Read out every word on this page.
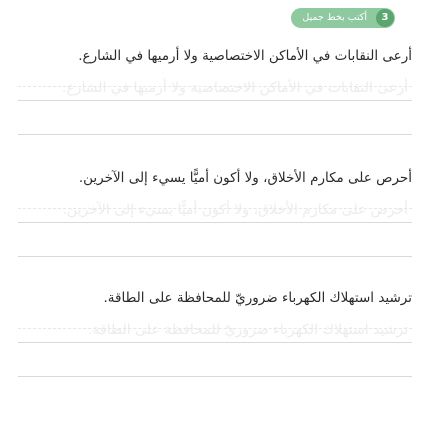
أكتب بخط جميل	3
أرعى النقابات في الأماكن الاختصاصية ولا أرميها في الشارع.
أرعى النقابات في الأماكن الاختصاصية ولا أرميها في الشارع.
أحرص على مكارم الأخلاق، ولا أكون أميًّا يسيء إلى الآخرين.
أحرص على مكارم الأخلاق، ولا أكون أميًّا يسيء إلى الآخرين.
ترشيد استهلاك الكهرباء ضروريّ للمحافظة على الطاقة.
ترشيد استهلاك الكهرباء ضروريّ للمحافظة على الطاقة.
